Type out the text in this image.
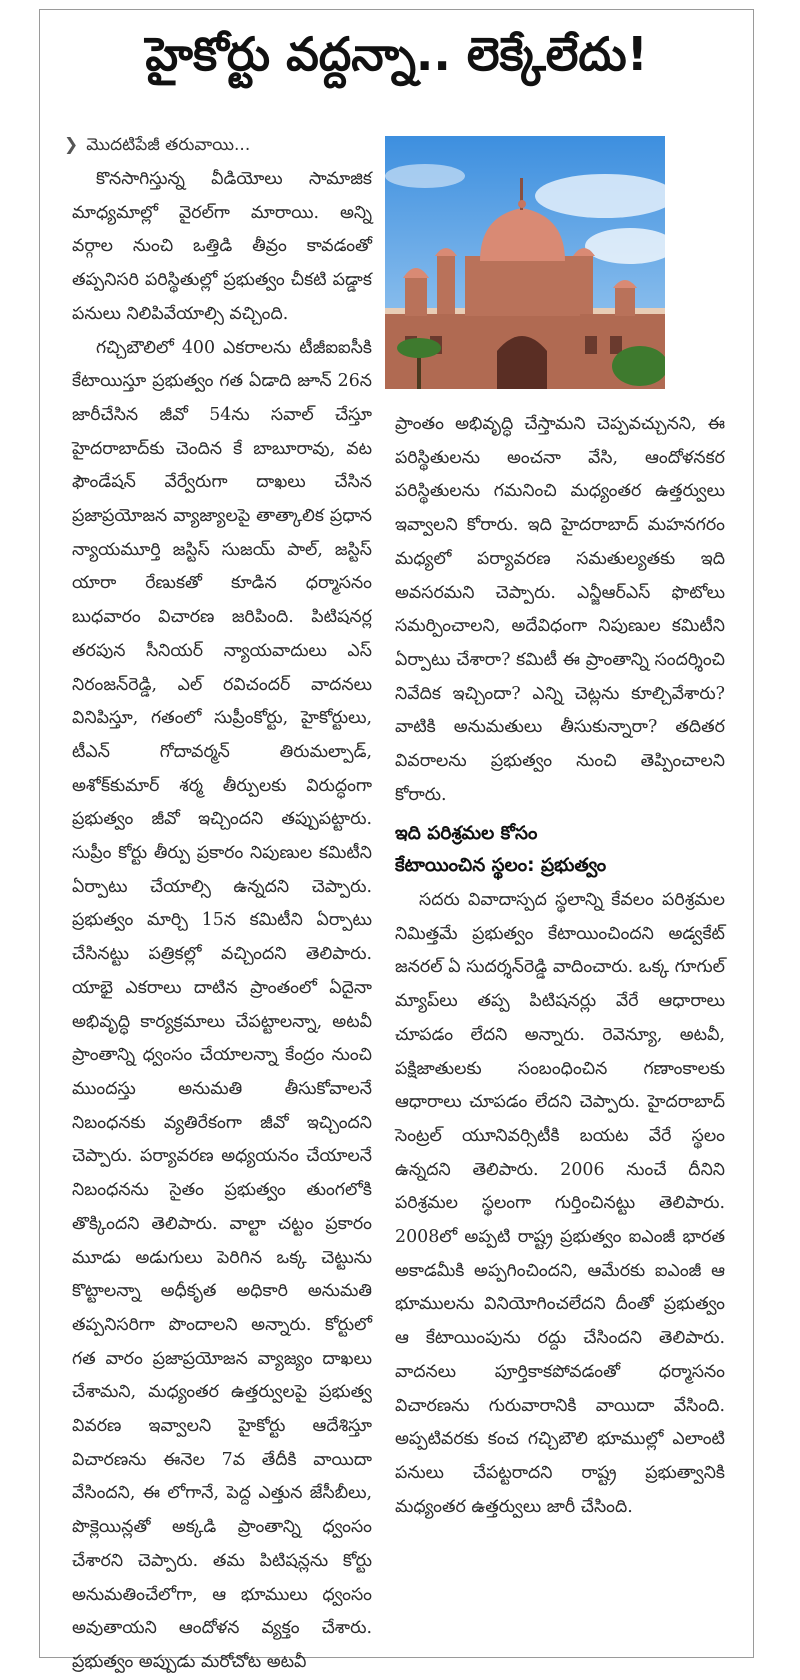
హైకోర్టు వద్దన్నా.. లెక్కేలేదు!
❯ మొదటిపేజీ తరువాయి...

కొనసాగిస్తున్న వీడియోలు సామాజిక మాధ్యమాల్లో వైరల్‌గా మారాయి. అన్ని వర్గాల నుంచి ఒత్తిడి తీవ్రం కావడంతో తప్పనిసరి పరిస్థితుల్లో ప్రభుత్వం చీకటి పడ్డాక పనులు నిలిపివేయాల్సి వచ్చింది.

గచ్చిబౌలిలో 400 ఎకరాలను టీజీఐఐసీకి కేటాయిస్తూ ప్రభుత్వం గత ఏడాది జూన్ 26న జారీచేసిన జీవో 54ను సవాల్ చేస్తూ హైదరాబాద్‌కు చెందిన కే బాబూరావు, వట ఫౌండేషన్ వేర్వేరుగా దాఖలు చేసిన ప్రజాప్రయోజన వ్యాజ్యాలపై తాత్కాలిక ప్రధాన న్యాయమూర్తి జస్టిస్ సుజయ్ పాల్, జస్టిస్ యారా రేణుకతో కూడిన ధర్మాసనం బుధవారం విచారణ జరిపింది. పిటిషనర్ల తరపున సీనియర్ న్యాయవాదులు ఎస్ నిరంజన్‌రెడ్డి, ఎల్ రవిచందర్ వాదనలు వినిపిస్తూ, గతంలో సుప్రీంకోర్టు, హైకోర్టులు, టీఎన్ గోదావర్మన్ తిరుమల్పాడ్, అశోక్‌కుమార్ శర్మ తీర్పులకు విరుద్ధంగా ప్రభుత్వం జీవో ఇచ్చిందని తప్పుపట్టారు. సుప్రీం కోర్టు తీర్పు ప్రకారం నిపుణుల కమిటీని ఏర్పాటు చేయాల్సి ఉన్నదని చెప్పారు. ప్రభుత్వం మార్చి 15న కమిటీని ఏర్పాటు చేసినట్టు పత్రికల్లో వచ్చిందని తెలిపారు. యాభై ఎకరాలు దాటిన ప్రాంతంలో ఏదైనా అభివృద్ధి కార్యక్రమాలు చేపట్టాలన్నా, అటవీ ప్రాంతాన్ని ధ్వంసం చేయాలన్నా కేంద్రం నుంచి ముందస్తు అనుమతి తీసుకోవాలనే నిబంధనకు వ్యతిరేకంగా జీవో ఇచ్చిందని చెప్పారు. పర్యావరణ అధ్యయనం చేయాలనే నిబంధనను సైతం ప్రభుత్వం తుంగలోకి తొక్కిందని తెలిపారు. వాల్టా చట్టం ప్రకారం మూడు అడుగులు పెరిగిన ఒక్క చెట్టును కొట్టాలన్నా అధీకృత అధికారి అనుమతి తప్పనిసరిగా పొందాలని అన్నారు. కోర్టులో గత వారం ప్రజాప్రయోజన వ్యాజ్యం దాఖలు చేశామని, మధ్యంతర ఉత్తర్వులపై ప్రభుత్వ వివరణ ఇవ్వాలని హైకోర్టు ఆదేశిస్తూ విచారణను ఈనెల 7వ తేదీకి వాయిదా వేసిందని, ఈ లోగానే, పెద్ద ఎత్తున జేసీబీలు, పొక్లెయిన్లతో అక్కడి ప్రాంతాన్ని ధ్వంసం చేశారని చెప్పారు. తమ పిటిషన్లను కోర్టు అనుమతించేలోగా, ఆ భూములు ధ్వంసం అవుతాయని ఆందోళన వ్యక్తం చేశారు. ప్రభుత్వం అప్పుడు మరోచోట అటవీ

ప్రాంతం అభివృద్ధి చేస్తామని చెప్పవచ్చునని, ఈ పరిస్థితులను అంచనా వేసి, ఆందోళనకర పరిస్థితులను గమనించి మధ్యంతర ఉత్తర్వులు ఇవ్వాలని కోరారు. ఇది హైదరాబాద్ మహనగరం మధ్యలో పర్యావరణ సమతుల్యతకు ఇది అవసరమని చెప్పారు. ఎన్జీఆర్ఎస్ ఫొటోలు సమర్పించాలని, అదేవిధంగా నిపుణుల కమిటీని ఏర్పాటు చేశారా? కమిటీ ఈ ప్రాంతాన్ని సందర్శించి నివేదిక ఇచ్చిందా? ఎన్ని చెట్లను కూల్చివేశారు? వాటికి అనుమతులు తీసుకున్నారా? తదితర వివరాలను ప్రభుత్వం నుంచి తెప్పించాలని కోరారు.

ఇది పరిశ్రమల కోసం
కేటాయించిన స్థలం: ప్రభుత్వం

సదరు వివాదాస్పద స్థలాన్ని కేవలం పరిశ్రమల నిమిత్తమే ప్రభుత్వం కేటాయించిందని అడ్వకేట్ జనరల్ ఏ సుదర్శన్‌రెడ్డి వాదించారు. ఒక్క గూగుల్ మ్యాప్‌లు తప్ప పిటిషనర్లు వేరే ఆధారాలు చూపడం లేదని అన్నారు. రెవెన్యూ, అటవీ, పక్షిజాతులకు సంబంధించిన గణాంకాలకు ఆధారాలు చూపడం లేదని చెప్పారు. హైదరాబాద్ సెంట్రల్ యూనివర్సిటీకి బయట వేరే స్థలం ఉన్నదని తెలిపారు. 2006 నుంచే దీనిని పరిశ్రమల స్థలంగా గుర్తించినట్టు తెలిపారు. 2008లో అప్పటి రాష్ట్ర ప్రభుత్వం ఐఎంజీ భారత అకాడమీకి అప్పగించిందని, ఆమేరకు ఐఎంజీ ఆ భూములను వినియోగించలేదని దీంతో ప్రభుత్వం ఆ కేటాయింపును రద్దు చేసిందని తెలిపారు. వాదనలు పూర్తికాకపోవడంతో ధర్మాసనం విచారణను గురువారానికి వాయిదా వేసింది. అప్పటివరకు కంచ గచ్చిబౌలి భూముల్లో ఎలాంటి పనులు చేపట్టరాదని రాష్ట్ర ప్రభుత్వానికి మధ్యంతర ఉత్తర్వులు జారీ చేసింది.
